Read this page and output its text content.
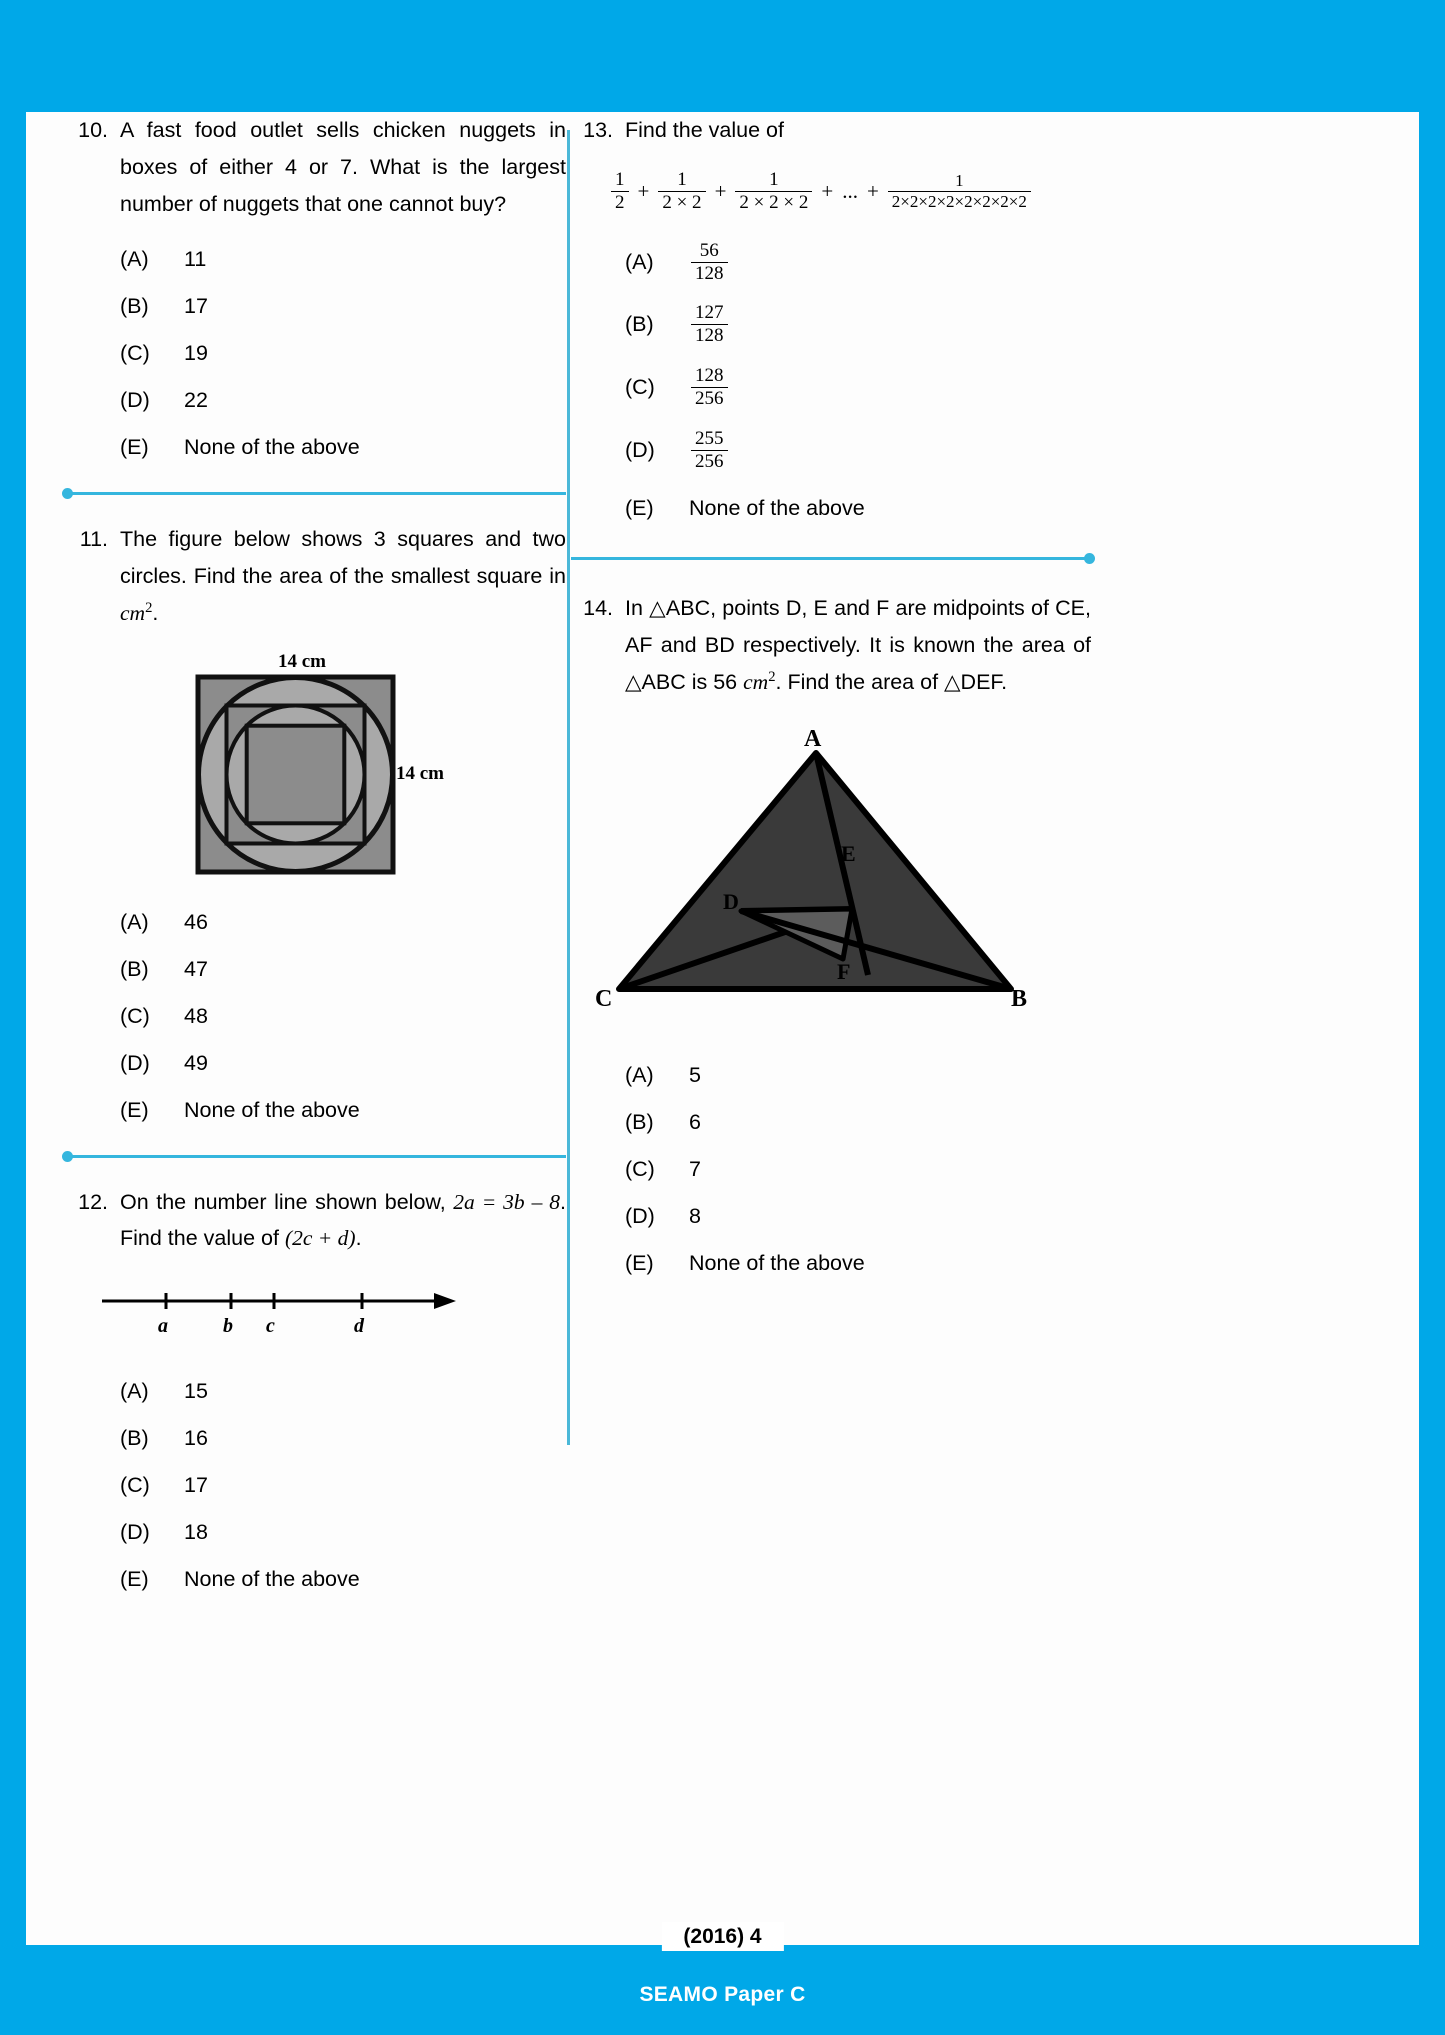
10. A fast food outlet sells chicken nuggets in boxes of either 4 or 7. What is the largest number of nuggets that one cannot buy?
(A)	11
(B)	17
(C)	19
(D)	22
(E)	None of the above
11. The figure below shows 3 squares and two circles. Find the area of the smallest square in $cm^2$.
14 cm
14 cm
(A)	46
(B)	47
(C)	48
(D)	49
(E)	None of the above
12. On the number line shown below, 2a = 3b – 8. Find the value of (2c + d).
a	b c	d
(A)	15
(B)	16
(C)	17
(D)	18
(E)	None of the above
13. Find the value of
$\frac{1}{2} + \frac{1}{2 \times 2} + \frac{1}{2 \times 2 \times 2}$ + ... + $\frac{1}{2\times 2\times 2\times 2\times 2\times 2\times 2\times 2}$
(A)	$\frac{56}{128}$
(B)	$\frac{127}{128}$
(C)	$\frac{128}{256}$
(D)	$\frac{255}{256}$
(E)	None of the above
14. In △ABC, points D, E and F are midpoints of CE, AF and BD respectively. It is known the area of △ABC is 56 $cm^2$. Find the area of △DEF.
A
B
C
D
E
F
(A)	5
(B)	6
(C)	7
(D)	8
(E)	None of the above
(2016) 4
SEAMO Paper C
